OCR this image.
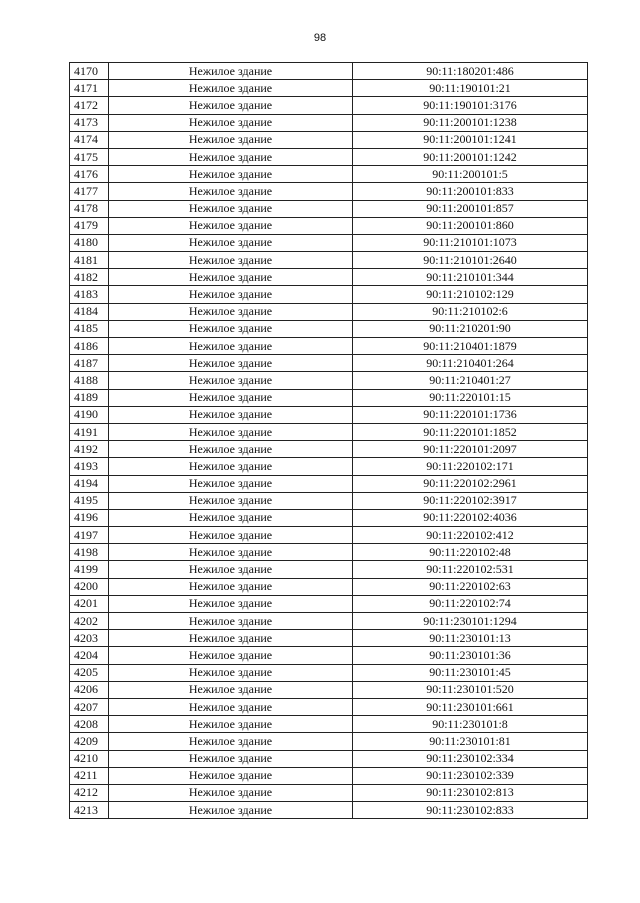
98
4170	Нежилое здание	90:11:180201:486
4171	Нежилое здание	90:11:190101:21
4172	Нежилое здание	90:11:190101:3176
4173	Нежилое здание	90:11:200101:1238
4174	Нежилое здание	90:11:200101:1241
4175	Нежилое здание	90:11:200101:1242
4176	Нежилое здание	90:11:200101:5
4177	Нежилое здание	90:11:200101:833
4178	Нежилое здание	90:11:200101:857
4179	Нежилое здание	90:11:200101:860
4180	Нежилое здание	90:11:210101:1073
4181	Нежилое здание	90:11:210101:2640
4182	Нежилое здание	90:11:210101:344
4183	Нежилое здание	90:11:210102:129
4184	Нежилое здание	90:11:210102:6
4185	Нежилое здание	90:11:210201:90
4186	Нежилое здание	90:11:210401:1879
4187	Нежилое здание	90:11:210401:264
4188	Нежилое здание	90:11:210401:27
4189	Нежилое здание	90:11:220101:15
4190	Нежилое здание	90:11:220101:1736
4191	Нежилое здание	90:11:220101:1852
4192	Нежилое здание	90:11:220101:2097
4193	Нежилое здание	90:11:220102:171
4194	Нежилое здание	90:11:220102:2961
4195	Нежилое здание	90:11:220102:3917
4196	Нежилое здание	90:11:220102:4036
4197	Нежилое здание	90:11:220102:412
4198	Нежилое здание	90:11:220102:48
4199	Нежилое здание	90:11:220102:531
4200	Нежилое здание	90:11:220102:63
4201	Нежилое здание	90:11:220102:74
4202	Нежилое здание	90:11:230101:1294
4203	Нежилое здание	90:11:230101:13
4204	Нежилое здание	90:11:230101:36
4205	Нежилое здание	90:11:230101:45
4206	Нежилое здание	90:11:230101:520
4207	Нежилое здание	90:11:230101:661
4208	Нежилое здание	90:11:230101:8
4209	Нежилое здание	90:11:230101:81
4210	Нежилое здание	90:11:230102:334
4211	Нежилое здание	90:11:230102:339
4212	Нежилое здание	90:11:230102:813
4213	Нежилое здание	90:11:230102:833
